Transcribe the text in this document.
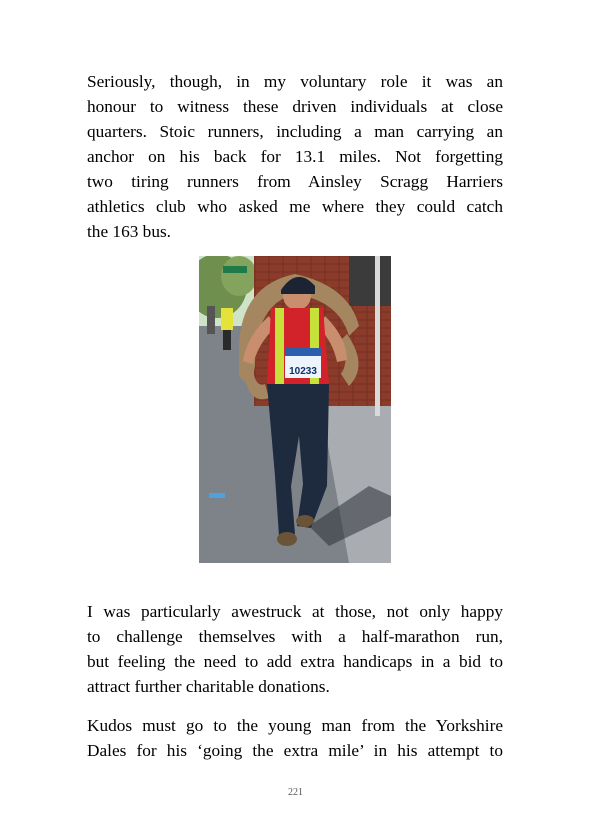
Seriously, though, in my voluntary role it was an
honour to witness these driven individuals at close
quarters. Stoic runners, including a man carrying an
anchor on his back for 13.1 miles. Not forgetting
two tiring runners from Ainsley Scragg Harriers
athletics club who asked me where they could catch
the 163 bus.
10233
I was particularly awestruck at those, not only happy
to challenge themselves with a half-marathon run,
but feeling the need to add extra handicaps in a bid to
attract further charitable donations.
Kudos must go to the young man from the Yorkshire
Dales for his ‘going the extra mile’ in his attempt to
221
